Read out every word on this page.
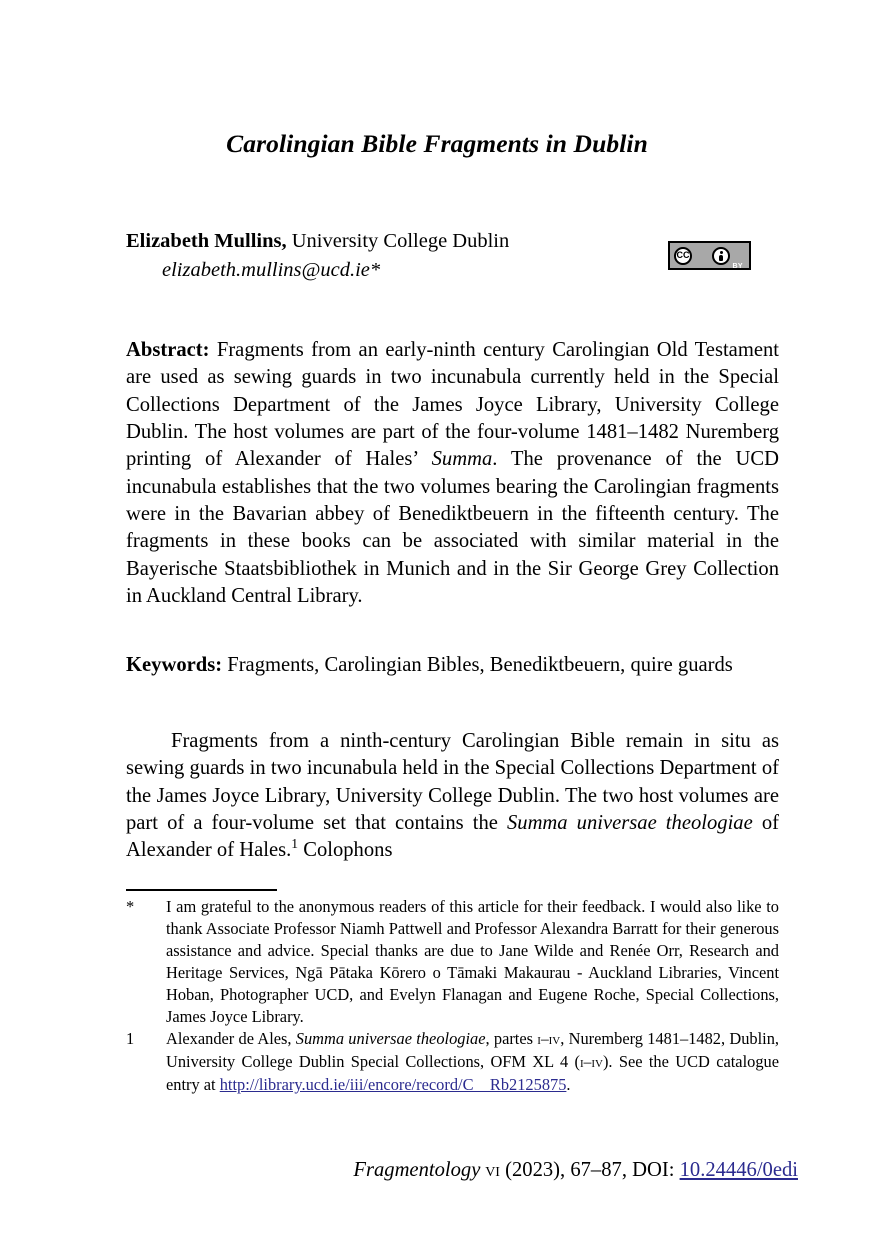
Carolingian Bible Fragments in Dublin
Elizabeth Mullins, University College Dublin
elizabeth.mullins@ucd.ie*
CC
BY
Abstract: Fragments from an early-ninth century Carolingian Old Testament are used as sewing guards in two incunabula currently held in the Special Collections Department of the James Joyce Library, University College Dublin. The host volumes are part of the four-volume 1481–1482 Nuremberg printing of Alexander of Hales’ Summa. The provenance of the UCD incunabula establishes that the two volumes bearing the Carolingian fragments were in the Bavarian abbey of Benediktbeuern in the fifteenth century. The fragments in these books can be associated with similar material in the Bayerische Staatsbibliothek in Munich and in the Sir George Grey Collection in Auckland Central Library.
Keywords: Fragments, Carolingian Bibles, Benediktbeuern, quire guards
Fragments from a ninth-century Carolingian Bible remain in situ as sewing guards in two incunabula held in the Special Collections Department of the James Joyce Library, University College Dublin. The two host volumes are part of a four-volume set that contains the Summa universae theologiae of Alexander of Hales.$^1$ Colophons
*	I am grateful to the anonymous readers of this article for their feedback. I would also like to thank Associate Professor Niamh Pattwell and Professor Alexandra Barratt for their generous assistance and advice. Special thanks are due to Jane Wilde and Renée Orr, Research and Heritage Services, Ngā Pātaka Kōrero o Tāmaki Makaurau - Auckland Libraries, Vincent Hoban, Photographer UCD, and Evelyn Flanagan and Eugene Roche, Special Collections, James Joyce Library.
1	Alexander de Ales, Summa universae theologiae, partes i–iv, Nuremberg 1481–1482, Dublin, University College Dublin Special Collections, OFM XL 4 (i–iv). See the UCD catalogue entry at http://library.ucd.ie/iii/encore/record/C__Rb2125875.
Fragmentology vi (2023), 67–87, DOI: 10.24446/0edi
